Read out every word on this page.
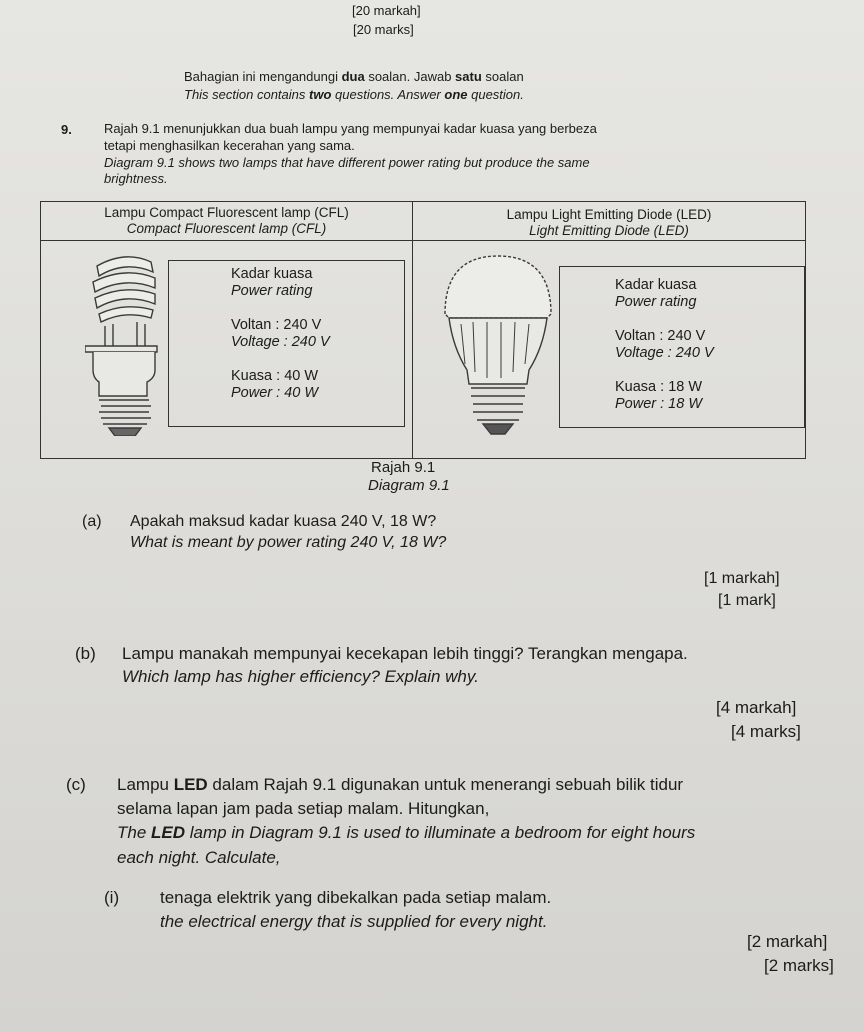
[20 markah]
[20 marks]
Bahagian ini mengandungi dua soalan. Jawab satu soalan
This section contains two questions. Answer one question.
9. Rajah 9.1 menunjukkan dua buah lampu yang mempunyai kadar kuasa yang berbeza
tetapi menghasilkan kecerahan yang sama.
Diagram 9.1 shows two lamps that have different power rating but produce the same
brightness.
Lampu Compact Fluorescent lamp (CFL)
Compact Fluorescent lamp (CFL)
Lampu Light Emitting Diode (LED)
Light Emitting Diode (LED)
Kadar kuasa
Power rating
Voltan : 240 V
Voltage : 240 V
Kuasa : 40 W
Power : 40 W
Kadar kuasa
Power rating
Voltan : 240 V
Voltage : 240 V
Kuasa : 18 W
Power : 18 W
Rajah 9.1
Diagram 9.1
(a) Apakah maksud kadar kuasa 240 V, 18 W?
What is meant by power rating 240 V, 18 W?
[1 markah]
[1 mark]
(b) Lampu manakah mempunyai kecekapan lebih tinggi? Terangkan mengapa.
Which lamp has higher efficiency? Explain why.
[4 markah]
[4 marks]
(c) Lampu LED dalam Rajah 9.1 digunakan untuk menerangi sebuah bilik tidur
selama lapan jam pada setiap malam. Hitungkan,
The LED lamp in Diagram 9.1 is used to illuminate a bedroom for eight hours
each night. Calculate,
(i) tenaga elektrik yang dibekalkan pada setiap malam.
the electrical energy that is supplied for every night.
[2 markah]
[2 marks]
